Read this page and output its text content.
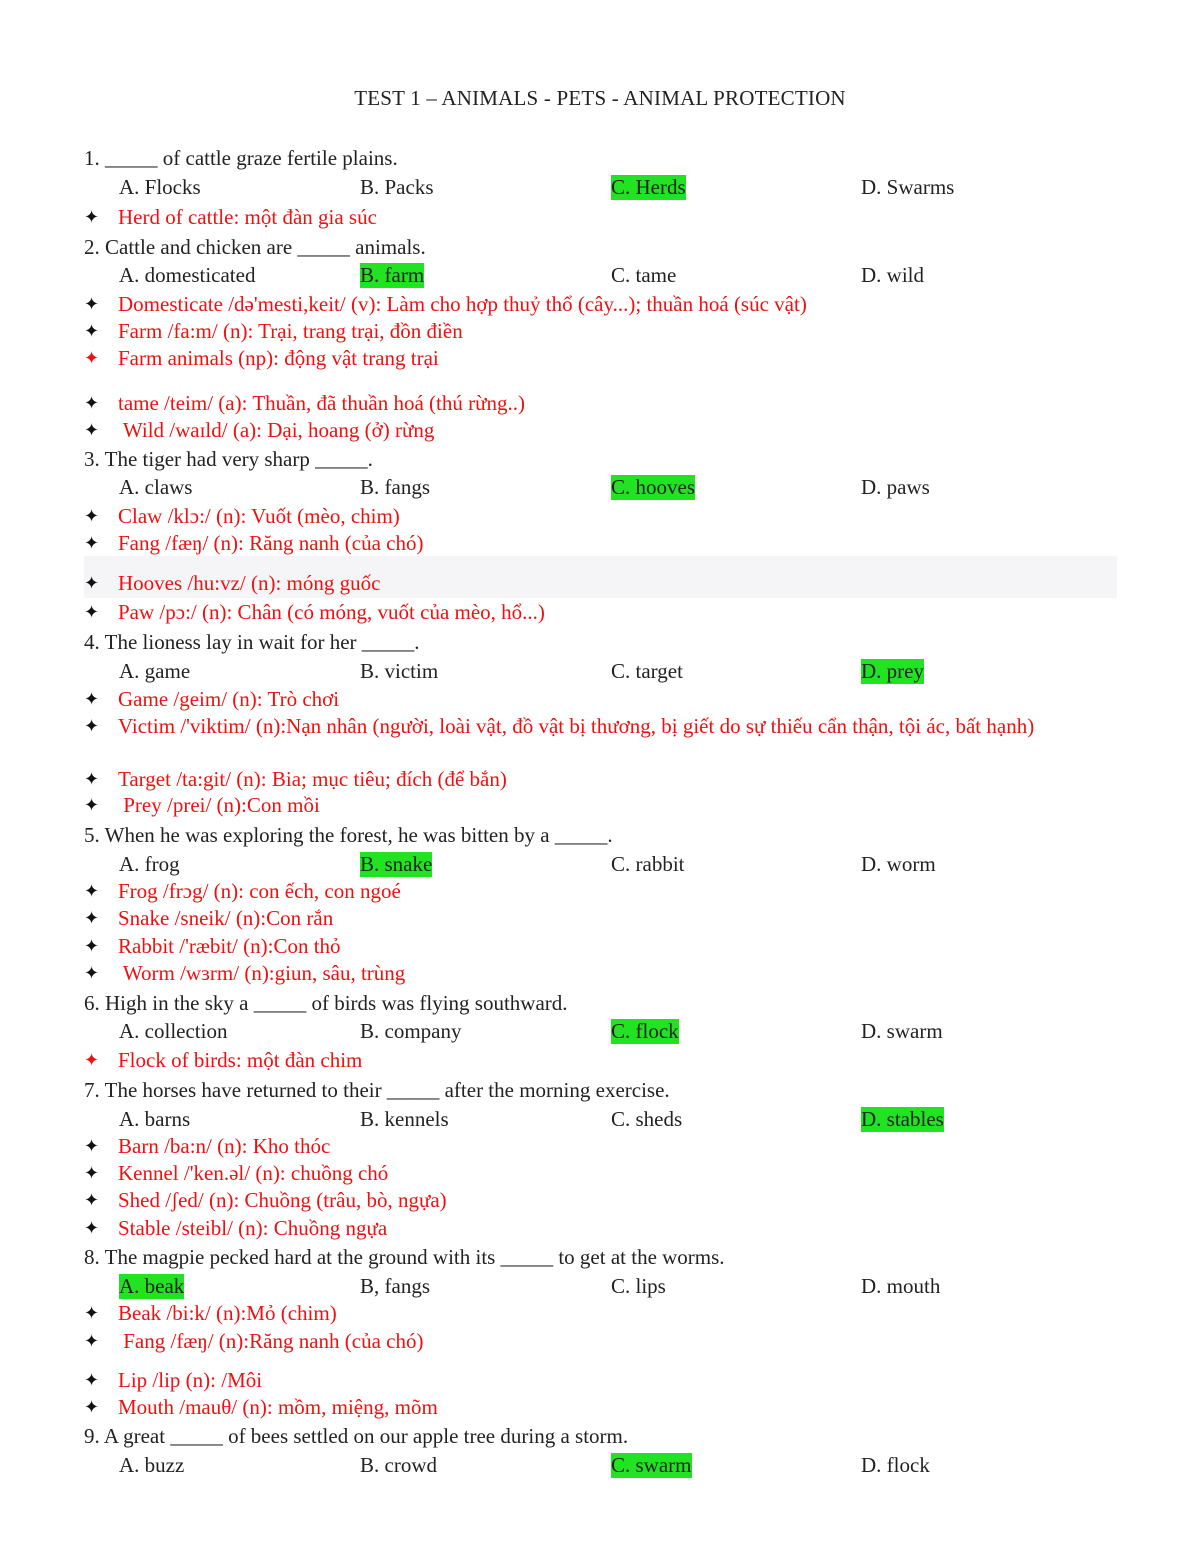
TEST 1 – ANIMALS - PETS - ANIMAL PROTECTION
1. _____ of cattle graze fertile plains.
A. Flocks	B. Packs	C. Herds	D. Swarms
✦ Herd of cattle: một đàn gia súc
2. Cattle and chicken are _____ animals.
A. domesticated	B. farm	C. tame	D. wild
✦ Domesticate /də'mesti,keit/ (v): Làm cho hợp thuỷ thổ (cây...); thuần hoá (súc vật)
✦ Farm /fa:m/ (n): Trại, trang trại, đồn điền
✦ Farm animals (np): động vật trang trại
✦ tame /teim/ (a): Thuần, đã thuần hoá (thú rừng..)
✦ Wild /waɪld/ (a): Dại, hoang (ở) rừng
3. The tiger had very sharp _____.
A. claws	B. fangs	C. hooves	D. paws
✦ Claw /klɔ:/ (n): Vuốt (mèo, chim)
✦ Fang /fæŋ/ (n): Răng nanh (của chó)
✦ Hooves /hu:vz/ (n): móng guốc
✦ Paw /pɔ:/ (n): Chân (có móng, vuốt của mèo, hổ...)
4. The lioness lay in wait for her _____.
A. game	B. victim	C. target	D. prey
✦ Game /geim/ (n): Trò chơi
✦ Victim /'viktim/ (n):Nạn nhân (người, loài vật, đồ vật bị thương, bị giết do sự thiếu cẩn thận, tội ác, bất hạnh)
✦ Target /ta:git/ (n): Bia; mục tiêu; đích (để bắn)
✦ Prey /prei/ (n):Con mồi
5. When he was exploring the forest, he was bitten by a _____.
A. frog	B. snake	C. rabbit	D. worm
✦ Frog /frɔg/ (n): con ếch, con ngoé
✦ Snake /sneik/ (n):Con rắn
✦ Rabbit /'ræbit/ (n):Con thỏ
✦ Worm /wɜrm/ (n):giun, sâu, trùng
6. High in the sky a _____ of birds was flying southward.
A. collection	B. company	C. flock	D. swarm
✦ Flock of birds: một đàn chim
7. The horses have returned to their _____ after the morning exercise.
A. barns	B. kennels	C. sheds	D. stables
✦ Barn /ba:n/ (n): Kho thóc
✦ Kennel /'ken.əl/ (n): chuồng chó
✦ Shed /ʃed/ (n): Chuồng (trâu, bò, ngựa)
✦ Stable /steibl/ (n): Chuồng ngựa
8. The magpie pecked hard at the ground with its _____ to get at the worms.
A. beak	B, fangs	C. lips	D. mouth
✦ Beak /bi:k/ (n):Mỏ (chim)
✦ Fang /fæŋ/ (n):Răng nanh (của chó)
✦ Lip /lip (n): /Môi
✦ Mouth /mauθ/ (n): mồm, miệng, mõm
9. A great _____ of bees settled on our apple tree during a storm.
A. buzz	B. crowd	C. swarm	D. flock
